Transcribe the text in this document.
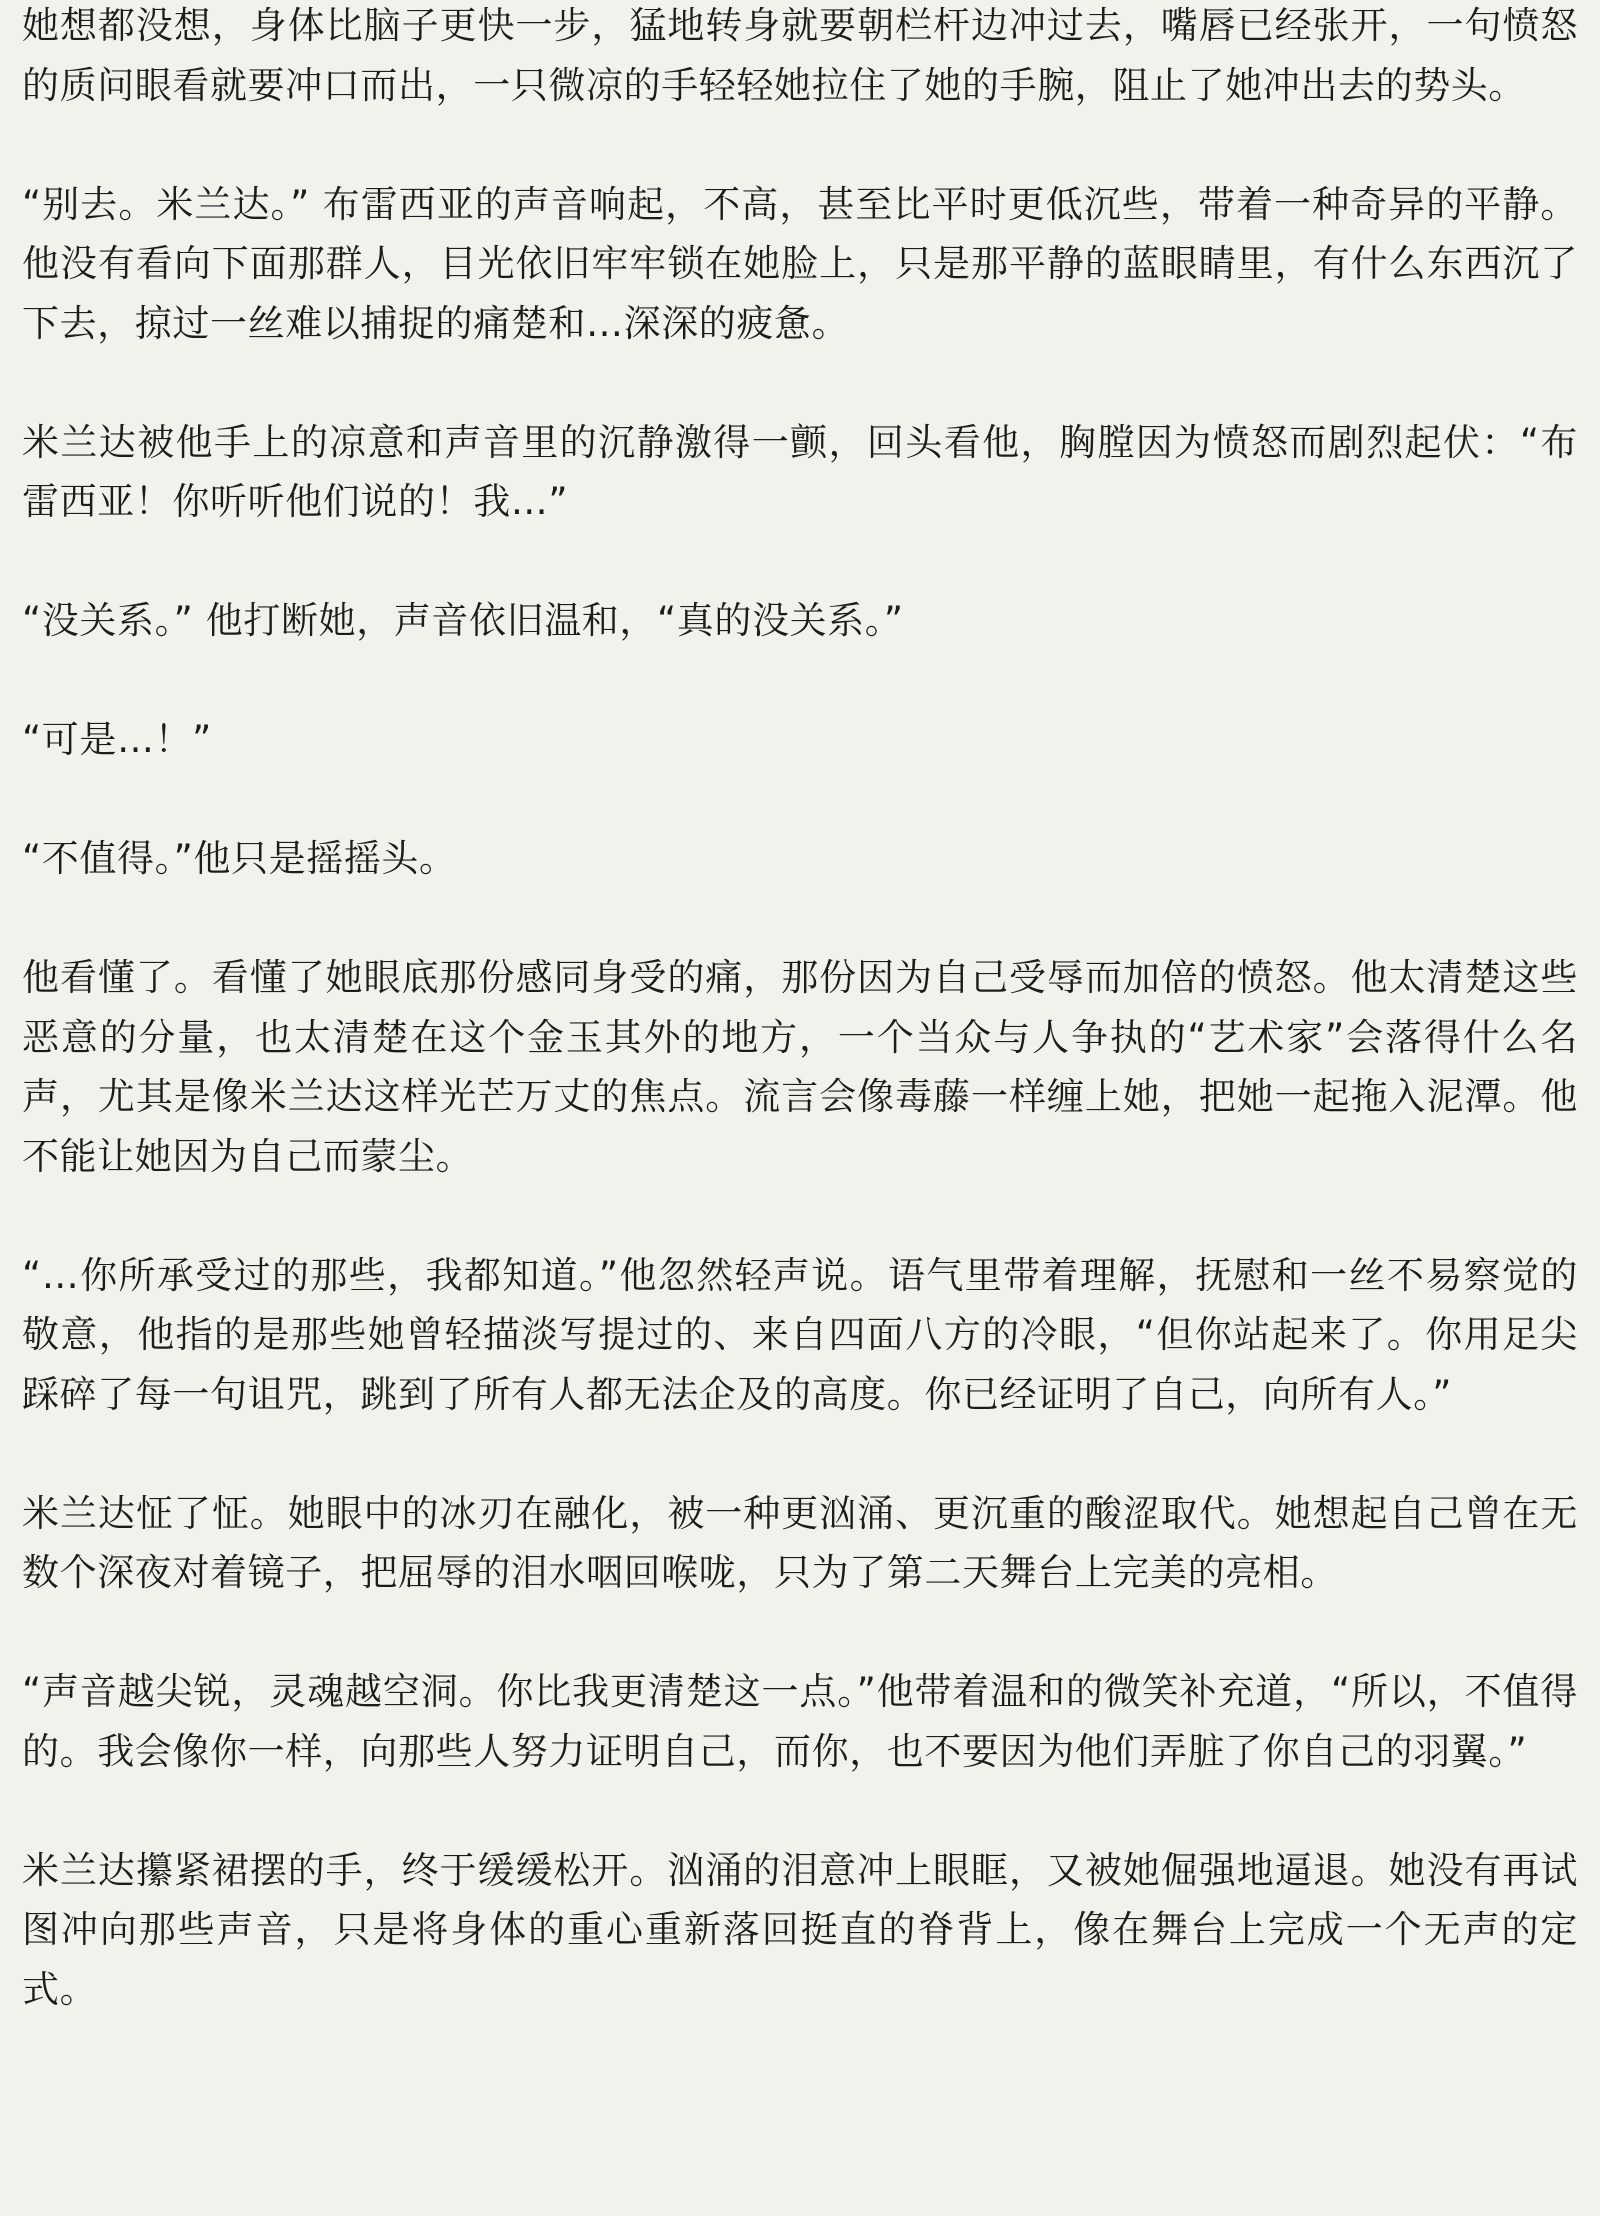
她想都没想，身体比脑子更快一步，猛地转身就要朝栏杆边冲过去，嘴唇已经张开，一句愤怒的质问眼看就要冲口而出，一只微凉的手轻轻她拉住了她的手腕，阻止了她冲出去的势头。

“别去。米兰达。” 布雷西亚的声音响起，不高，甚至比平时更低沉些，带着一种奇异的平静。他没有看向下面那群人，目光依旧牢牢锁在她脸上，只是那平静的蓝眼睛里，有什么东西沉了下去，掠过一丝难以捕捉的痛楚和…深深的疲惫。

米兰达被他手上的凉意和声音里的沉静激得一颤，回头看他，胸膛因为愤怒而剧烈起伏：“布雷西亚！你听听他们说的！我…”

“没关系。” 他打断她，声音依旧温和，“真的没关系。”

“可是…！”

“不值得。”他只是摇摇头。

他看懂了。看懂了她眼底那份感同身受的痛，那份因为自己受辱而加倍的愤怒。他太清楚这些恶意的分量，也太清楚在这个金玉其外的地方，一个当众与人争执的“艺术家”会落得什么名声，尤其是像米兰达这样光芒万丈的焦点。流言会像毒藤一样缠上她，把她一起拖入泥潭。他不能让她因为自己而蒙尘。

“…你所承受过的那些，我都知道。”他忽然轻声说。语气里带着理解，抚慰和一丝不易察觉的敬意，他指的是那些她曾轻描淡写提过的、来自四面八方的冷眼，“但你站起来了。你用足尖踩碎了每一句诅咒，跳到了所有人都无法企及的高度。你已经证明了自己，向所有人。”

米兰达怔了怔。她眼中的冰刃在融化，被一种更汹涌、更沉重的酸涩取代。她想起自己曾在无数个深夜对着镜子，把屈辱的泪水咽回喉咙，只为了第二天舞台上完美的亮相。

“声音越尖锐，灵魂越空洞。你比我更清楚这一点。”他带着温和的微笑补充道，“所以，不值得的。我会像你一样，向那些人努力证明自己，而你，也不要因为他们弄脏了你自己的羽翼。”

米兰达攥紧裙摆的手，终于缓缓松开。汹涌的泪意冲上眼眶，又被她倔强地逼退。她没有再试图冲向那些声音，只是将身体的重心重新落回挺直的脊背上，像在舞台上完成一个无声的定式。
